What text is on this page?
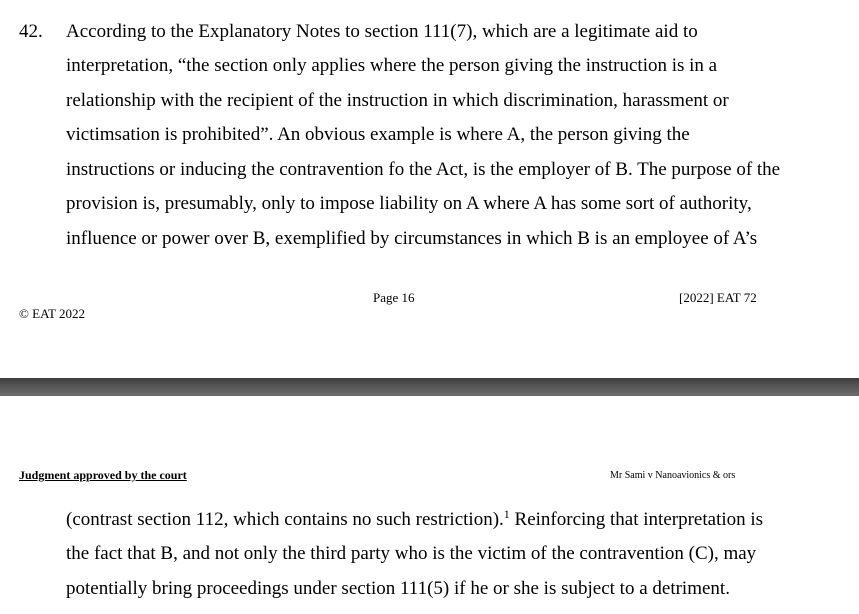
42. According to the Explanatory Notes to section 111(7), which are a legitimate aid to
interpretation, “the section only applies where the person giving the instruction is in a
relationship with the recipient of the instruction in which discrimination, harassment or
victimsation is prohibited”. An obvious example is where A, the person giving the
instructions or inducing the contravention fo the Act, is the employer of B. The purpose of the
provision is, presumably, only to impose liability on A where A has some sort of authority,
influence or power over B, exemplified by circumstances in which B is an employee of A’s
Page 16	[2022] EAT 72
© EAT 2022
Judgment approved by the court	Mr Sami v Nanoavionics & ors
(contrast section 112, which contains no such restriction).$^1$ Reinforcing that interpretation is
the fact that B, and not only the third party who is the victim of the contravention (C), may
potentially bring proceedings under section 111(5) if he or she is subject to a detriment.
